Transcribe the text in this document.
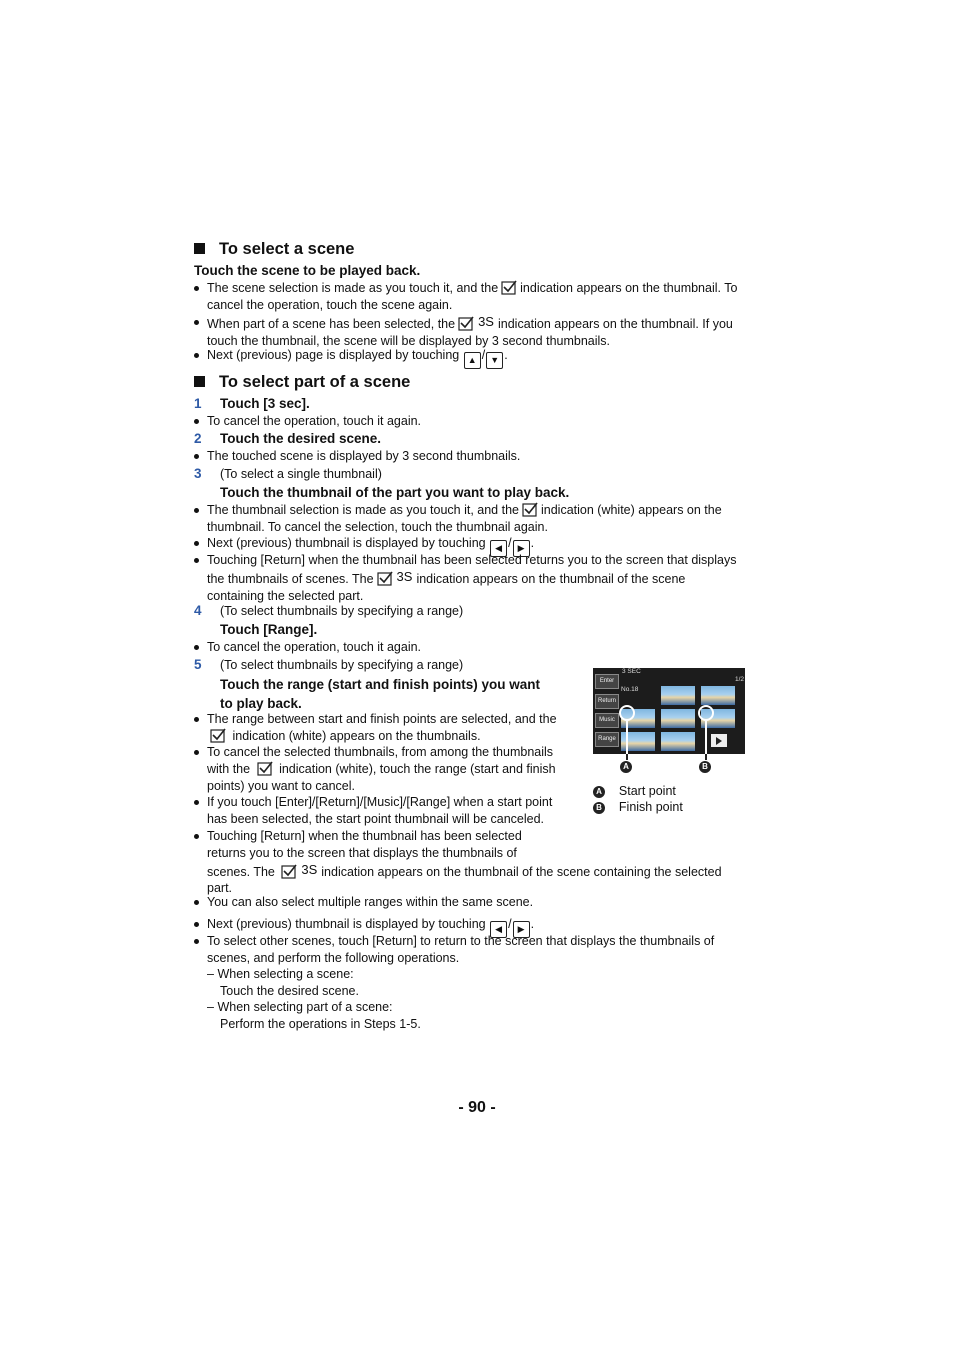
To select a scene
Touch the scene to be played back.
The scene selection is made as you touch it, and the indication appears on the thumbnail. To
cancel the operation, touch the scene again.
When part of a scene has been selected, the 3S indication appears on the thumbnail. If you
touch the thumbnail, the scene will be displayed by 3 second thumbnails.
Next (previous) page is displayed by touching ▲ / ▼ .
To select part of a scene
1 Touch [3 sec].
To cancel the operation, touch it again.
2 Touch the desired scene.
The touched scene is displayed by 3 second thumbnails.
3 (To select a single thumbnail)
Touch the thumbnail of the part you want to play back.
The thumbnail selection is made as you touch it, and the indication (white) appears on the
thumbnail. To cancel the selection, touch the thumbnail again.
Next (previous) thumbnail is displayed by touching ◀ / ▶ .
Touching [Return] when the thumbnail has been selected returns you to the screen that displays
the thumbnails of scenes. The 3S indication appears on the thumbnail of the scene
containing the selected part.
4 (To select thumbnails by specifying a range)
Touch [Range].
To cancel the operation, touch it again.
5 (To select thumbnails by specifying a range)
Touch the range (start and finish points) you want
to play back.
The range between start and finish points are selected, and the
indication (white) appears on the thumbnails.
To cancel the selected thumbnails, from among the thumbnails
with the indication (white), touch the range (start and finish
points) you want to cancel.
If you touch [Enter]/[Return]/[Music]/[Range] when a start point
has been selected, the start point thumbnail will be canceled.
Touching [Return] when the thumbnail has been selected
returns you to the screen that displays the thumbnails of
scenes. The 3S indication appears on the thumbnail of the scene containing the selected
part.
You can also select multiple ranges within the same scene.
Next (previous) thumbnail is displayed by touching ◀ / ▶ .
To select other scenes, touch [Return] to return to the screen that displays the thumbnails of
scenes, and perform the following operations.
– When selecting a scene:
Touch the desired scene.
– When selecting part of a scene:
Perform the operations in Steps 1-5.
3 SEC
No.18
1/2
Enter
Return
Music
Range
A	B
A Start point
B Finish point
- 90 -
